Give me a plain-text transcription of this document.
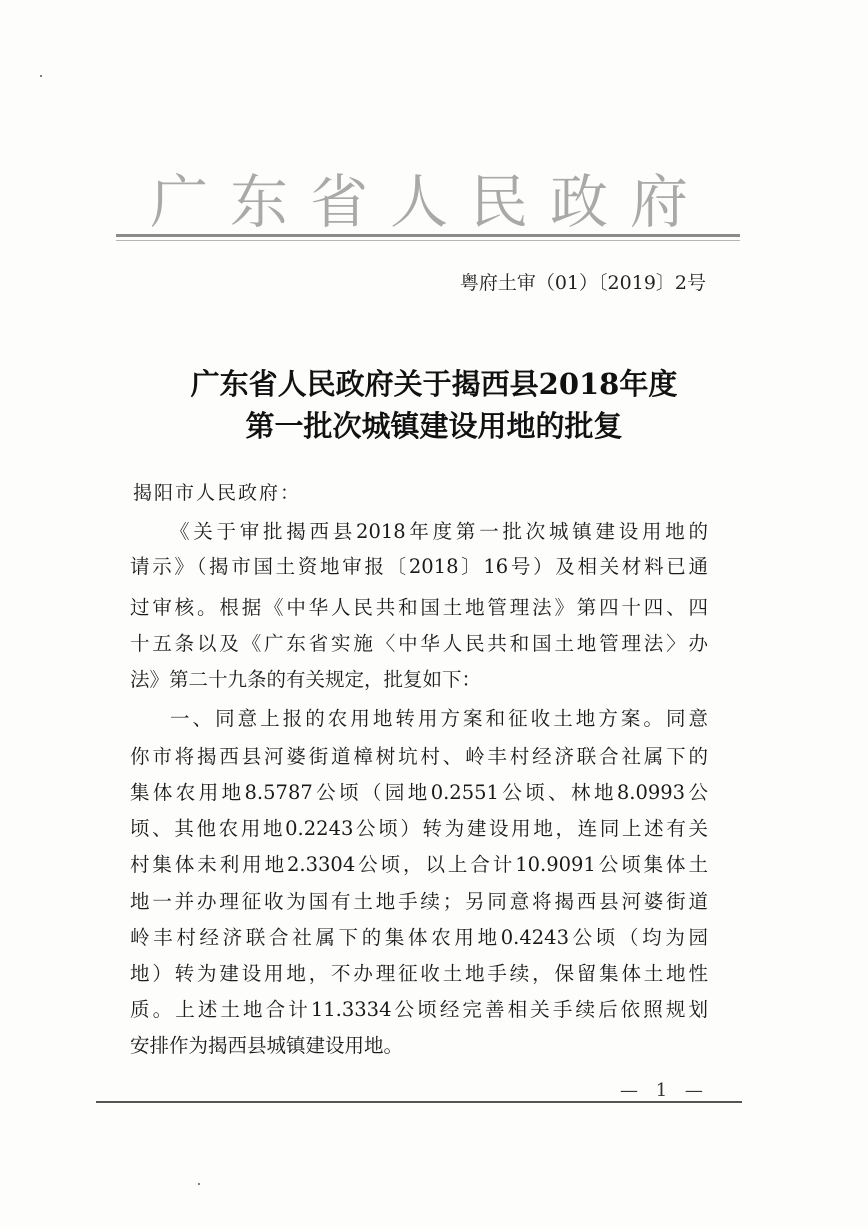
广东省人民政府
粤府土审（01）〔2019〕2号
广东省人民政府关于揭西县2018年度
第一批次城镇建设用地的批复
揭阳市人民政府：
《关于审批揭西县2018年度第一批次城镇建设用地的
请示》（揭市国土资地审报〔2018〕16号）及相关材料已通
过审核。根据《中华人民共和国土地管理法》第四十四、四
十五条以及《广东省实施〈中华人民共和国土地管理法〉办
法》第二十九条的有关规定，批复如下：
一、同意上报的农用地转用方案和征收土地方案。同意
你市将揭西县河婆街道樟树坑村、岭丰村经济联合社属下的
集体农用地8.5787公顷（园地0.2551公顷、林地8.0993公
顷、其他农用地0.2243公顷）转为建设用地，连同上述有关
村集体未利用地2.3304公顷，以上合计10.9091公顷集体土
地一并办理征收为国有土地手续；另同意将揭西县河婆街道
岭丰村经济联合社属下的集体农用地0.4243公顷（均为园
地）转为建设用地，不办理征收土地手续，保留集体土地性
质。上述土地合计11.3334公顷经完善相关手续后依照规划
安排作为揭西县城镇建设用地。
— 1 —
